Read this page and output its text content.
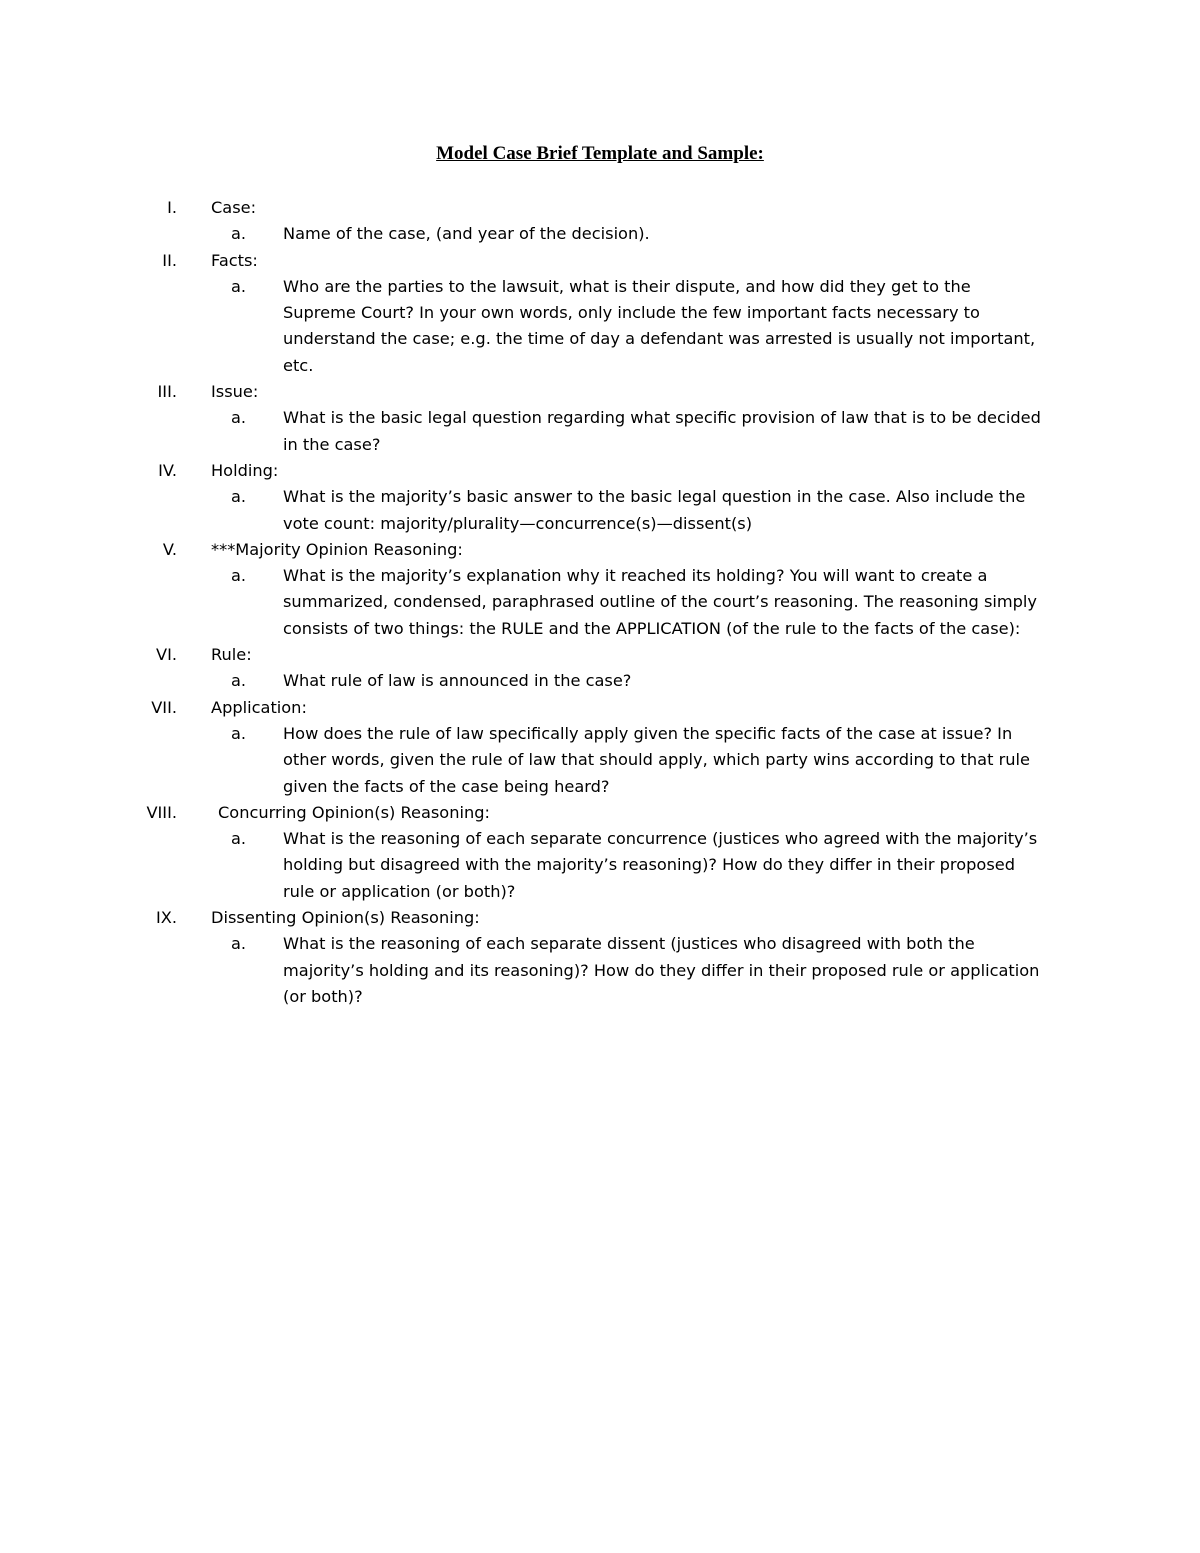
Model Case Brief Template and Sample:
I. Case:
a. Name of the case, (and year of the decision).
II. Facts:
a. Who are the parties to the lawsuit, what is their dispute, and how did they get to the Supreme Court? In your own words, only include the few important facts necessary to understand the case; e.g. the time of day a defendant was arrested is usually not important, etc.
III. Issue:
a. What is the basic legal question regarding what specific provision of law that is to be decided in the case?
IV. Holding:
a. What is the majority’s basic answer to the basic legal question in the case. Also include the vote count: majority/plurality—concurrence(s)—dissent(s)
V. ***Majority Opinion Reasoning:
a. What is the majority’s explanation why it reached its holding? You will want to create a summarized, condensed, paraphrased outline of the court’s reasoning. The reasoning simply consists of two things: the RULE and the APPLICATION (of the rule to the facts of the case):
VI. Rule:
a. What rule of law is announced in the case?
VII. Application:
a. How does the rule of law specifically apply given the specific facts of the case at issue? In other words, given the rule of law that should apply, which party wins according to that rule given the facts of the case being heard?
VIII.	Concurring Opinion(s) Reasoning:
a. What is the reasoning of each separate concurrence (justices who agreed with the majority’s holding but disagreed with the majority’s reasoning)? How do they differ in their proposed rule or application (or both)?
IX. Dissenting Opinion(s) Reasoning:
a. What is the reasoning of each separate dissent (justices who disagreed with both the majority’s holding and its reasoning)? How do they differ in their proposed rule or application (or both)?
